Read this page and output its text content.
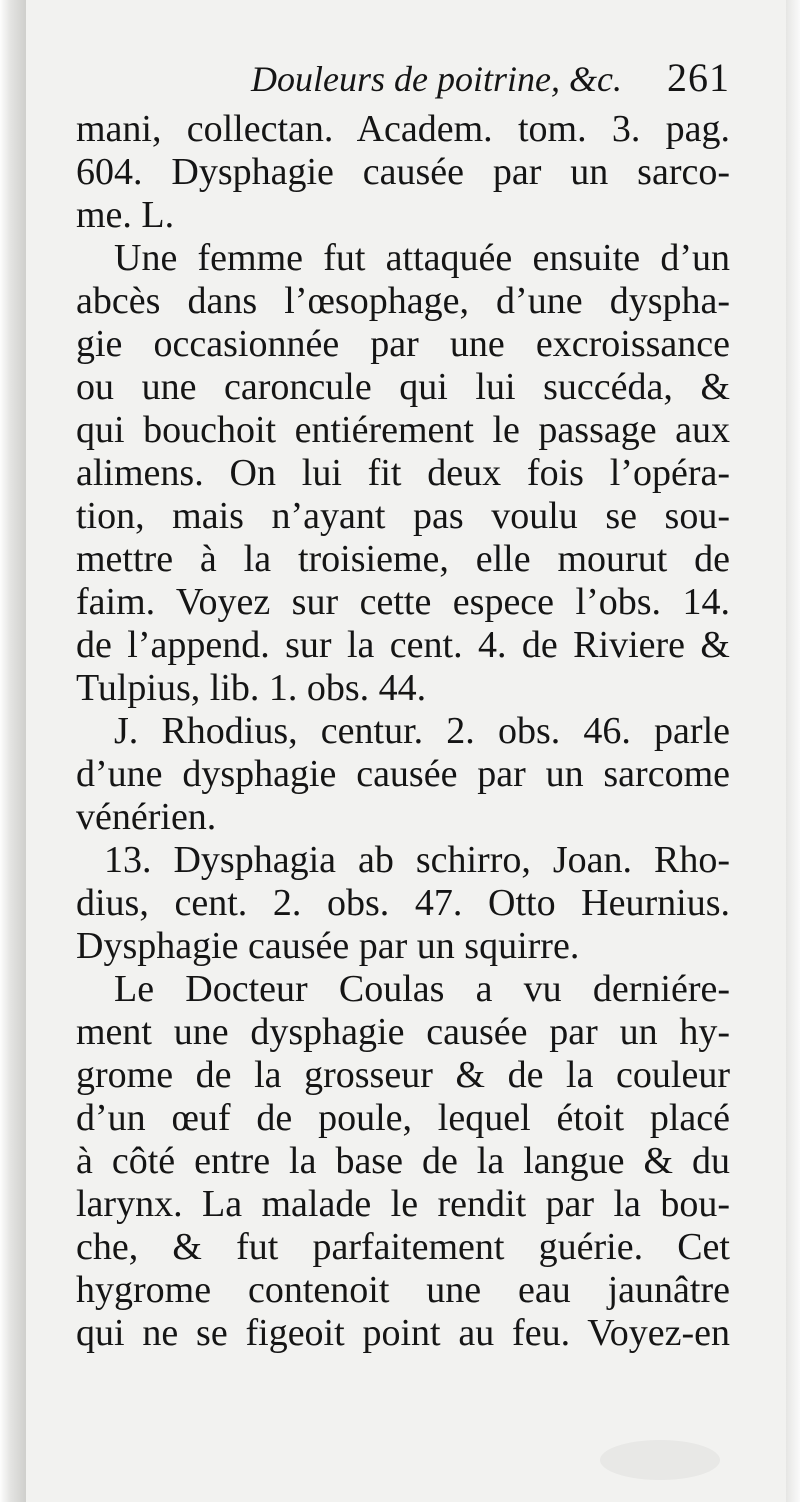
Douleurs de poitrine, &c. 261
mani, collectan. Academ. tom. 3. pag.
604. Dysphagie causée par un sarco-
me. L.
Une femme fut attaquée ensuite d’un
abcès dans l’œsophage, d’une dyspha-
gie occasionnée par une excroissance
ou une caroncule qui lui succéda, &
qui bouchoit entiérement le passage aux
alimens. On lui fit deux fois l’opéra-
tion, mais n’ayant pas voulu se sou-
mettre à la troisieme, elle mourut de
faim. Voyez sur cette espece l’obs. 14.
de l’append. sur la cent. 4. de Riviere &
Tulpius, lib. 1. obs. 44.
J. Rhodius, centur. 2. obs. 46. parle
d’une dysphagie causée par un sarcome
vénérien.
13. Dysphagia ab schirro, Joan. Rho-
dius, cent. 2. obs. 47. Otto Heurnius.
Dysphagie causée par un squirre.
Le Docteur Coulas a vu derniére-
ment une dysphagie causée par un hy-
grome de la grosseur & de la couleur
d’un œuf de poule, lequel étoit placé
à côté entre la base de la langue & du
larynx. La malade le rendit par la bou-
che, & fut parfaitement guérie. Cet
hygrome contenoit une eau jaunâtre
qui ne se figeoit point au feu. Voyez-en
